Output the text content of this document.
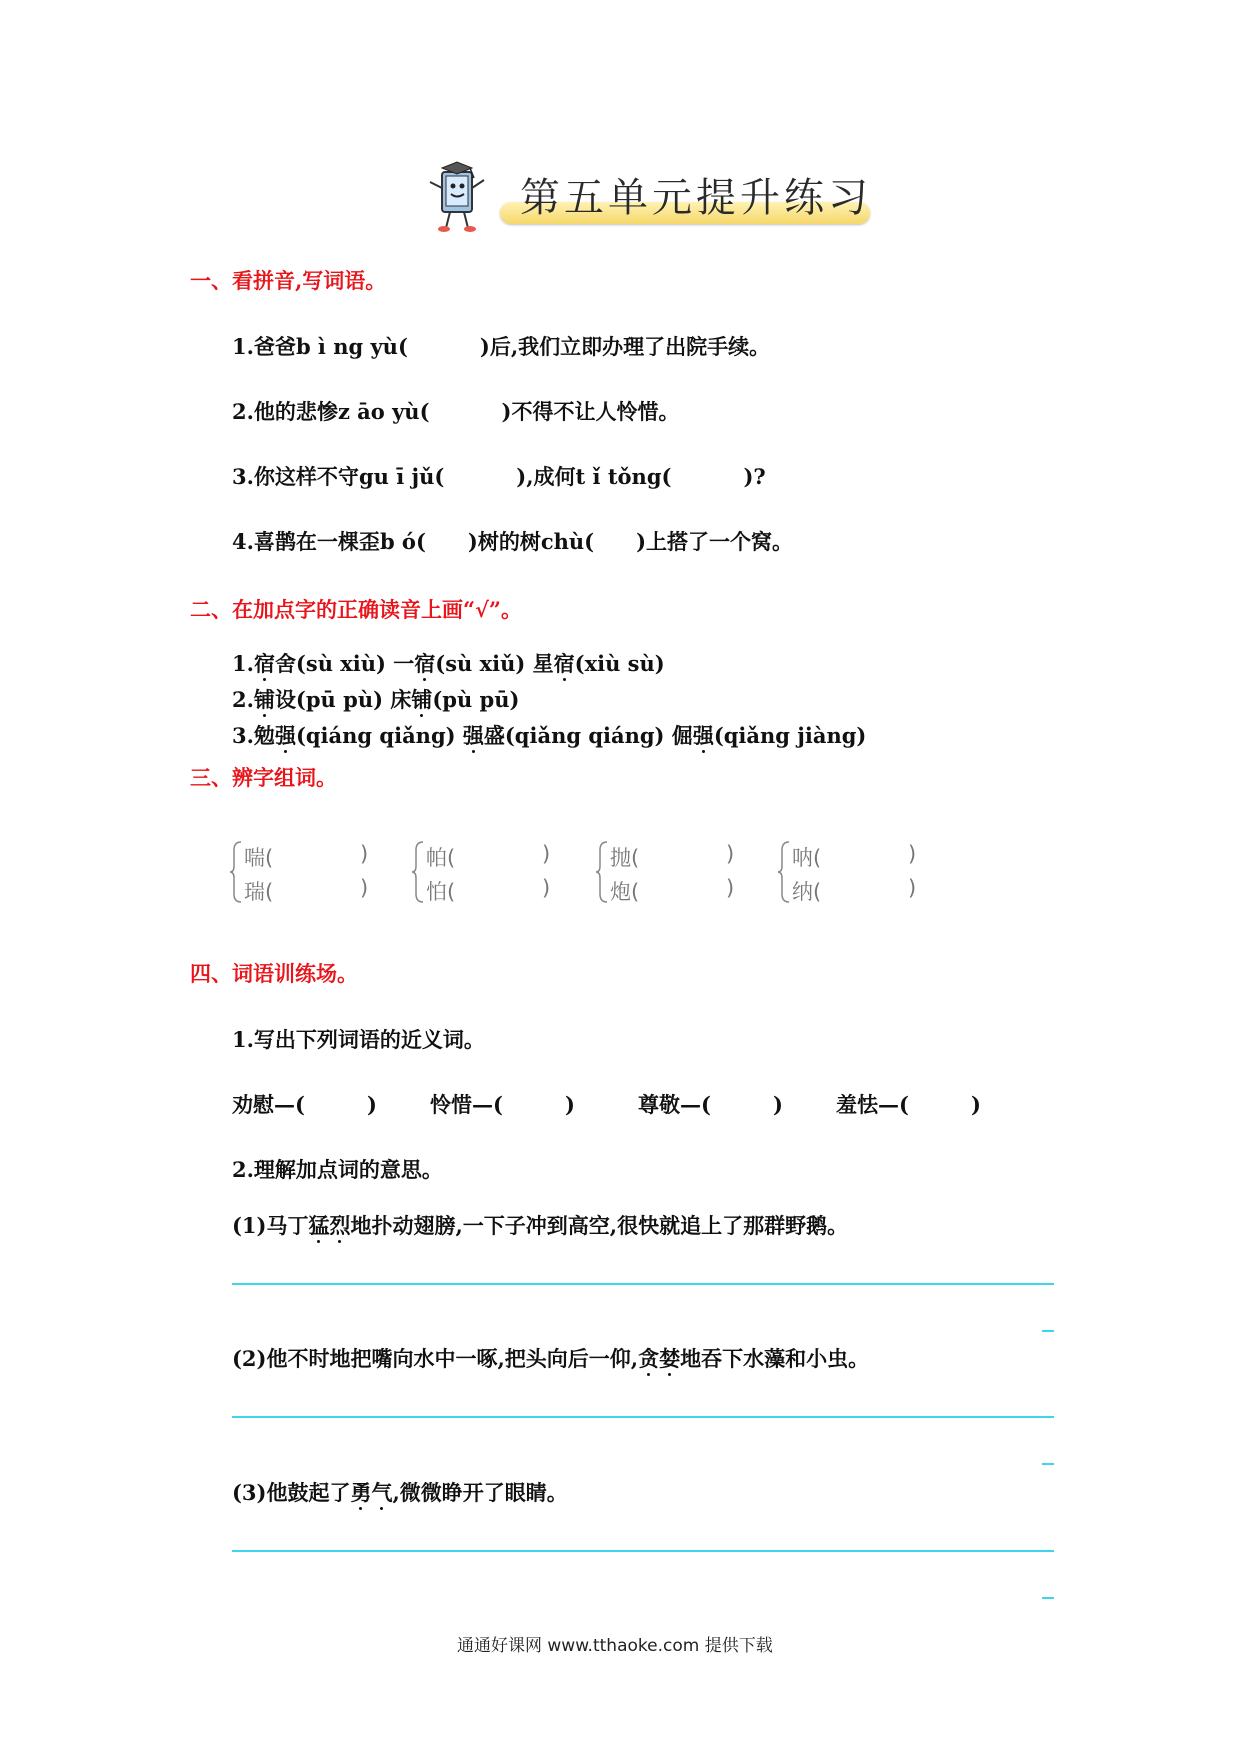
第五单元提升练习
一、看拼音,写词语。
1.爸爸b ì ng yù(	)后,我们立即办理了出院手续。
2.他的悲惨z āo yù(	)不得不让人怜惜。
3.你这样不守gu ī jǔ(	),成何t ǐ tǒng(	)?
4.喜鹊在一棵歪b ó( )树的树chù( )上搭了一个窝。
二、在加点字的正确读音上画“√”。
1.宿舍(sù xiù) 一宿(sù xiǔ) 星宿(xiù sù)
2.铺设(pū pù) 床铺(pù pū)
3.勉强(qiáng qiǎng) 强盛(qiǎng qiáng) 倔强(qiǎng jiàng)
三、辨字组词。
喘(	)
瑞(	)
帕(	)
怕(	)
抛(	)
炮(	)
呐(	)
纳(	)
四、词语训练场。
1.写出下列词语的近义词。
劝慰—(	)	怜惜—(	)	尊敬—(	)	羞怯—(	)
2.理解加点词的意思。
(1)马丁猛烈地扑动翅膀,一下子冲到高空,很快就追上了那群野鹅。
(2)他不时地把嘴向水中一啄,把头向后一仰,贪婪地吞下水藻和小虫。
(3)他鼓起了勇气,微微睁开了眼睛。
通通好课网 www.tthaoke.com 提供下载
